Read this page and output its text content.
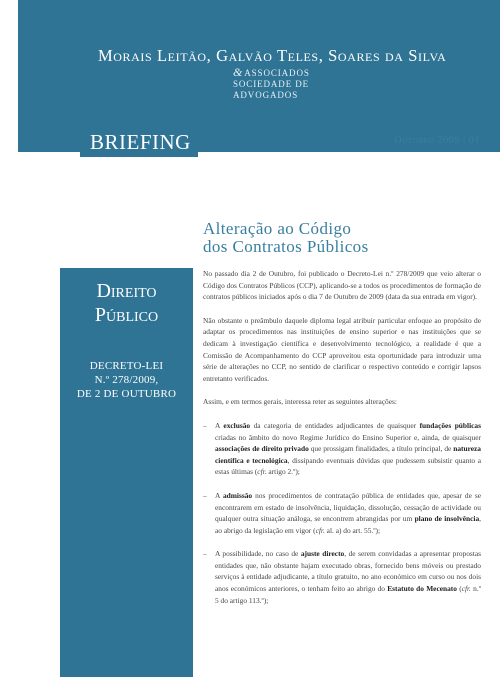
Morais Leitão, Galvão Teles, Soares da Silva
&ASSOCIADOS
SOCIEDADE DE
ADVOGADOS
BRIEFING	Outubro 2009 | 01
Direito
Público
DECRETO-LEI
N.º 278/2009,
DE 2 DE OUTUBRO
Alteração ao Código
dos Contratos Públicos

No passado dia 2 de Outubro, foi publicado o Decreto-Lei n.º 278/2009 que veio alterar o Código dos Contratos Públicos (CCP), aplicando-se a todos os procedimentos de formação de contratos públicos iniciados após o dia 7 de Outubro de 2009 (data da sua entrada em vigor).

Não obstante o preâmbulo daquele diploma legal atribuir particular enfoque ao propósito de adaptar os procedimentos nas instituições de ensino superior e nas instituições que se dedicam à investigação científica e desenvolvimento tecnológico, a realidade é que a Comissão de Acompanhamento do CCP aproveitou esta oportunidade para introduzir uma série de alterações no CCP, no sentido de clarificar o respectivo conteúdo e corrigir lapsos entretanto verificados.

Assim, e em termos gerais, interessa reter as seguintes alterações:

– A exclusão da categoria de entidades adjudicantes de quaisquer fundações públicas criadas no âmbito do novo Regime Jurídico do Ensino Superior e, ainda, de quaisquer associações de direito privado que prossigam finalidades, a título principal, de natureza científica e tecnológica, dissipando eventuais dúvidas que pudessem subsistir quanto a estas últimas (cfr. artigo 2.º);
– A admissão nos procedimentos de contratação pública de entidades que, apesar de se encontrarem em estado de insolvência, liquidação, dissolução, cessação de actividade ou qualquer outra situação análoga, se encontrem abrangidas por um plano de insolvência, ao abrigo da legislação em vigor (cfr. al. a) do art. 55.º);
– A possibilidade, no caso de ajuste directo, de serem convidadas a apresentar propostas entidades que, não obstante hajam executado obras, fornecido bens móveis ou prestado serviços à entidade adjudicante, a título gratuito, no ano económico em curso ou nos dois anos económicos anteriores, o tenham feito ao abrigo do Estatuto do Mecenato (cfr. n.º 5 do artigo 113.º);
